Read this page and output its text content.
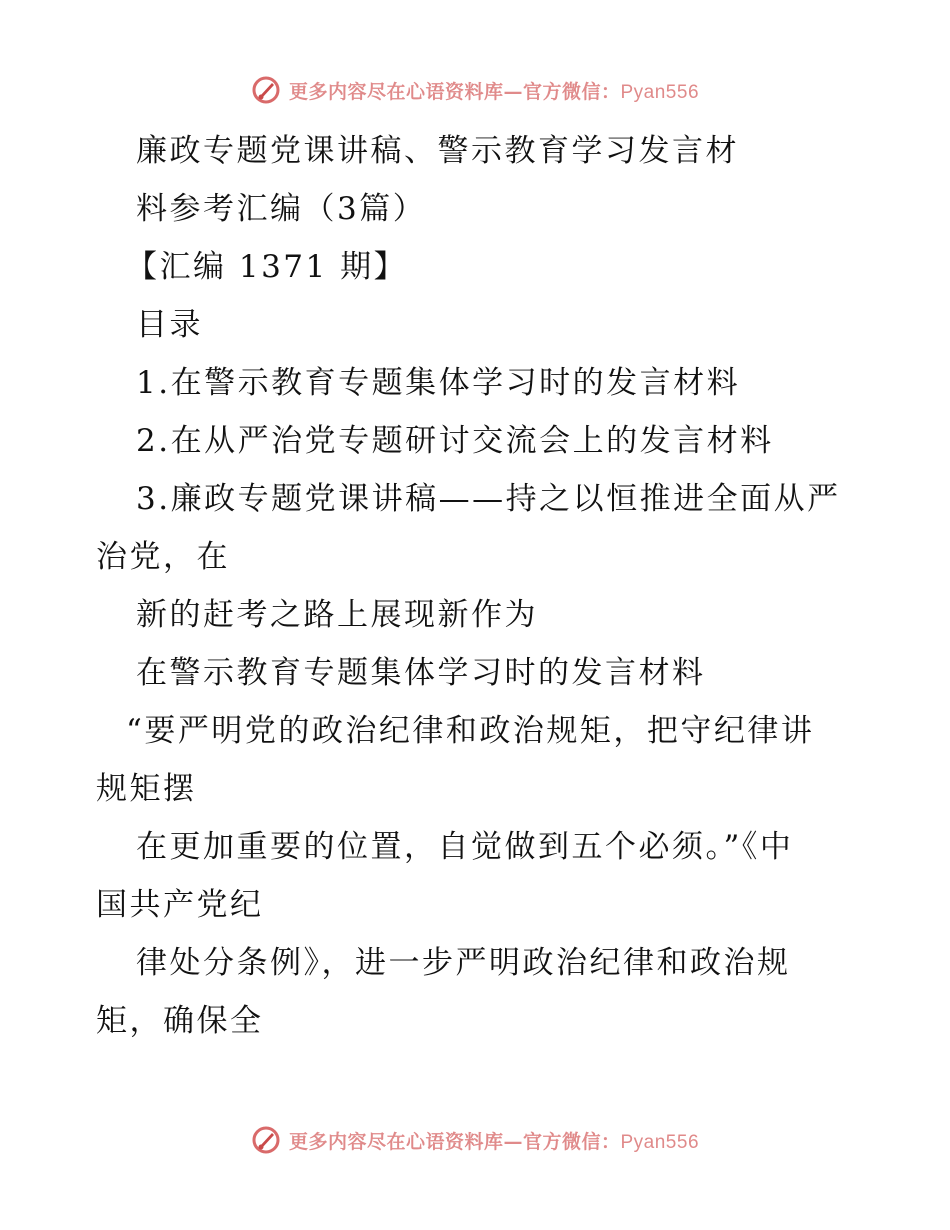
更多内容尽在心语资料库—官方微信：Pyan556
廉政专题党课讲稿、警示教育学习发言材
料参考汇编（3篇）
【汇编 1371 期】
目录
1.在警示教育专题集体学习时的发言材料
2.在从严治党专题研讨交流会上的发言材料
3.廉政专题党课讲稿——持之以恒推进全面从严
治党，在
新的赶考之路上展现新作为
在警示教育专题集体学习时的发言材料
“要严明党的政治纪律和政治规矩，把守纪律讲
规矩摆
在更加重要的位置，自觉做到五个必须。”《中
国共产党纪
律处分条例》，进一步严明政治纪律和政治规
矩，确保全
更多内容尽在心语资料库—官方微信：Pyan556
